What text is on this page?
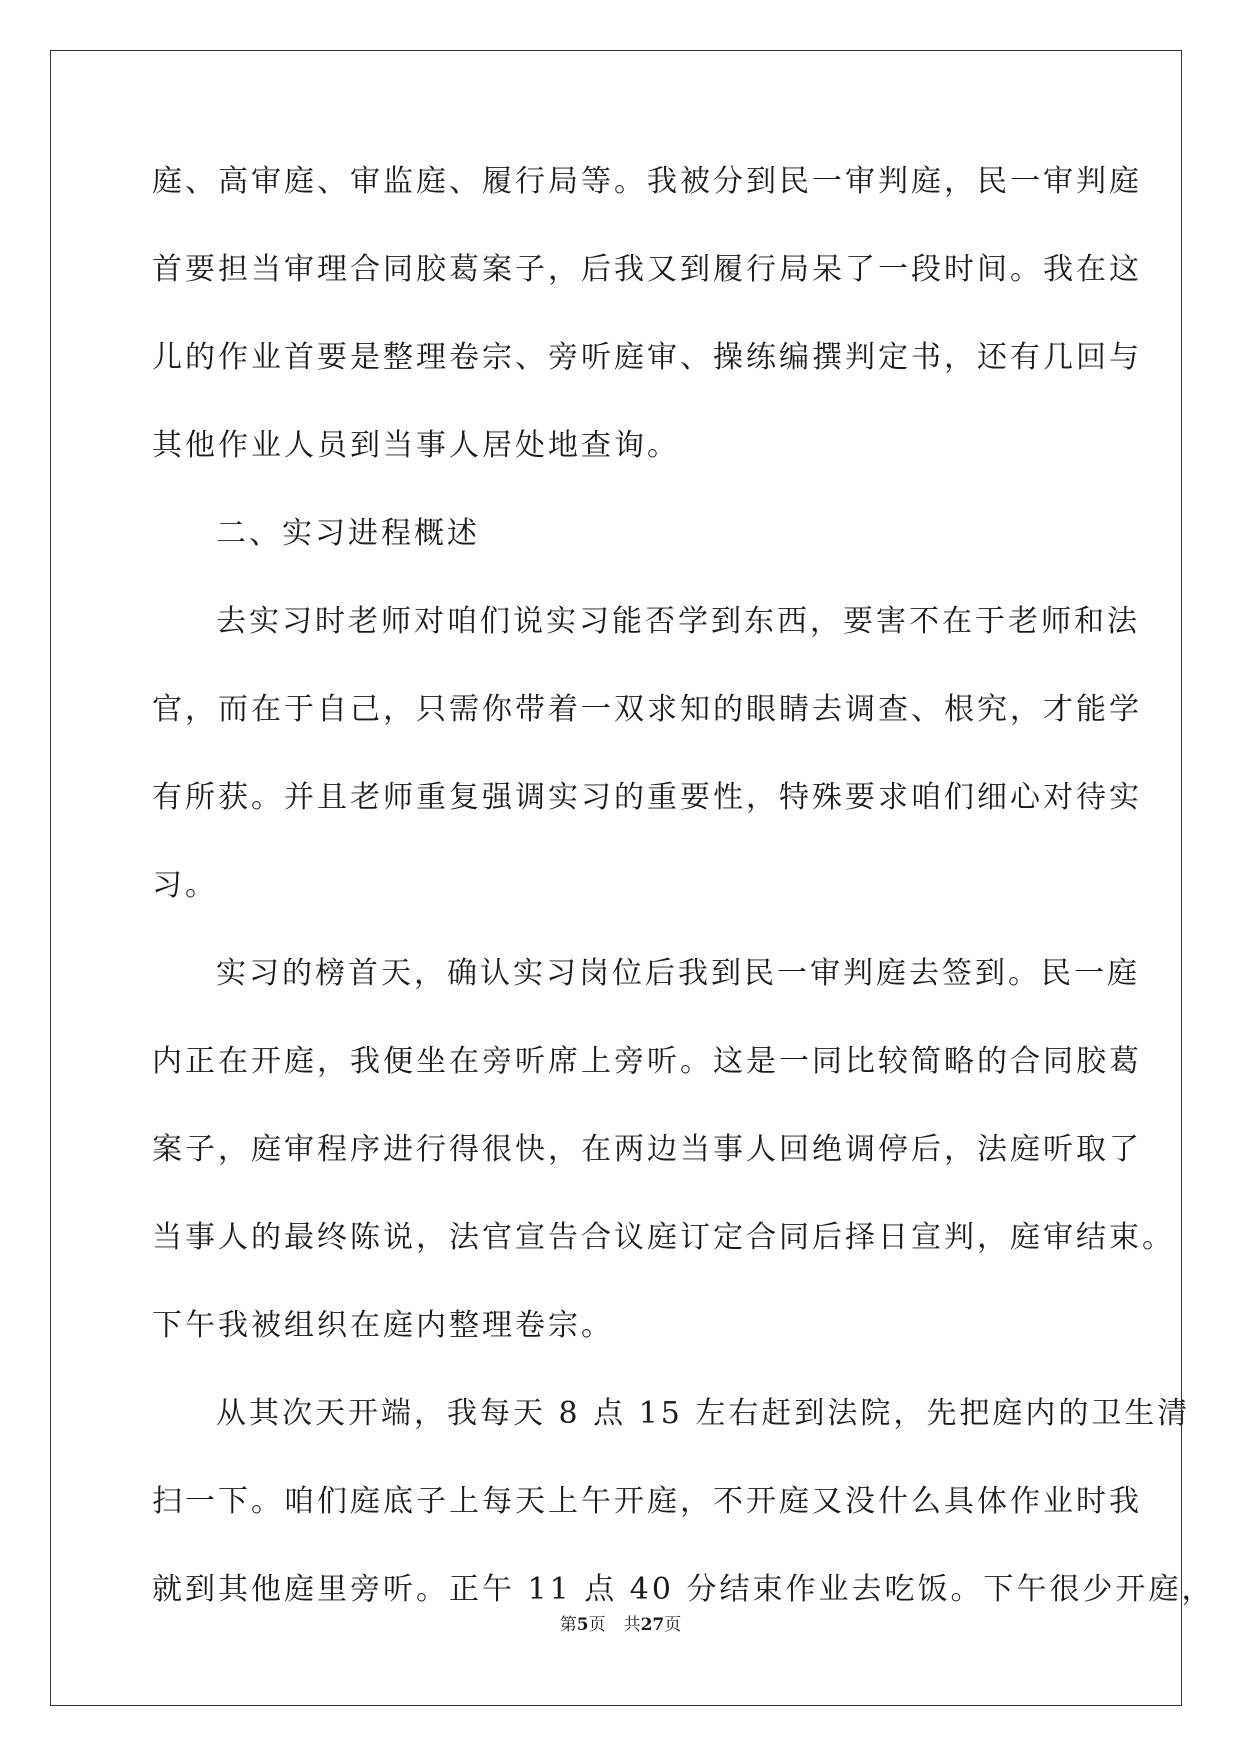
庭、高审庭、审监庭、履行局等。我被分到民一审判庭，民一审判庭
首要担当审理合同胶葛案子，后我又到履行局呆了一段时间。我在这
儿的作业首要是整理卷宗、旁听庭审、操练编撰判定书，还有几回与
其他作业人员到当事人居处地查询。
二、实习进程概述
去实习时老师对咱们说实习能否学到东西，要害不在于老师和法
官，而在于自己，只需你带着一双求知的眼睛去调查、根究，才能学
有所获。并且老师重复强调实习的重要性，特殊要求咱们细心对待实
习。
实习的榜首天，确认实习岗位后我到民一审判庭去签到。民一庭
内正在开庭，我便坐在旁听席上旁听。这是一同比较简略的合同胶葛
案子，庭审程序进行得很快，在两边当事人回绝调停后，法庭听取了
当事人的最终陈说，法官宣告合议庭订定合同后择日宣判，庭审结束。
下午我被组织在庭内整理卷宗。
从其次天开端，我每天 8 点 15 左右赶到法院，先把庭内的卫生清
扫一下。咱们庭底子上每天上午开庭，不开庭又没什么具体作业时我
就到其他庭里旁听。正午 11 点 40 分结束作业去吃饭。下午很少开庭，
第5页 共27页
